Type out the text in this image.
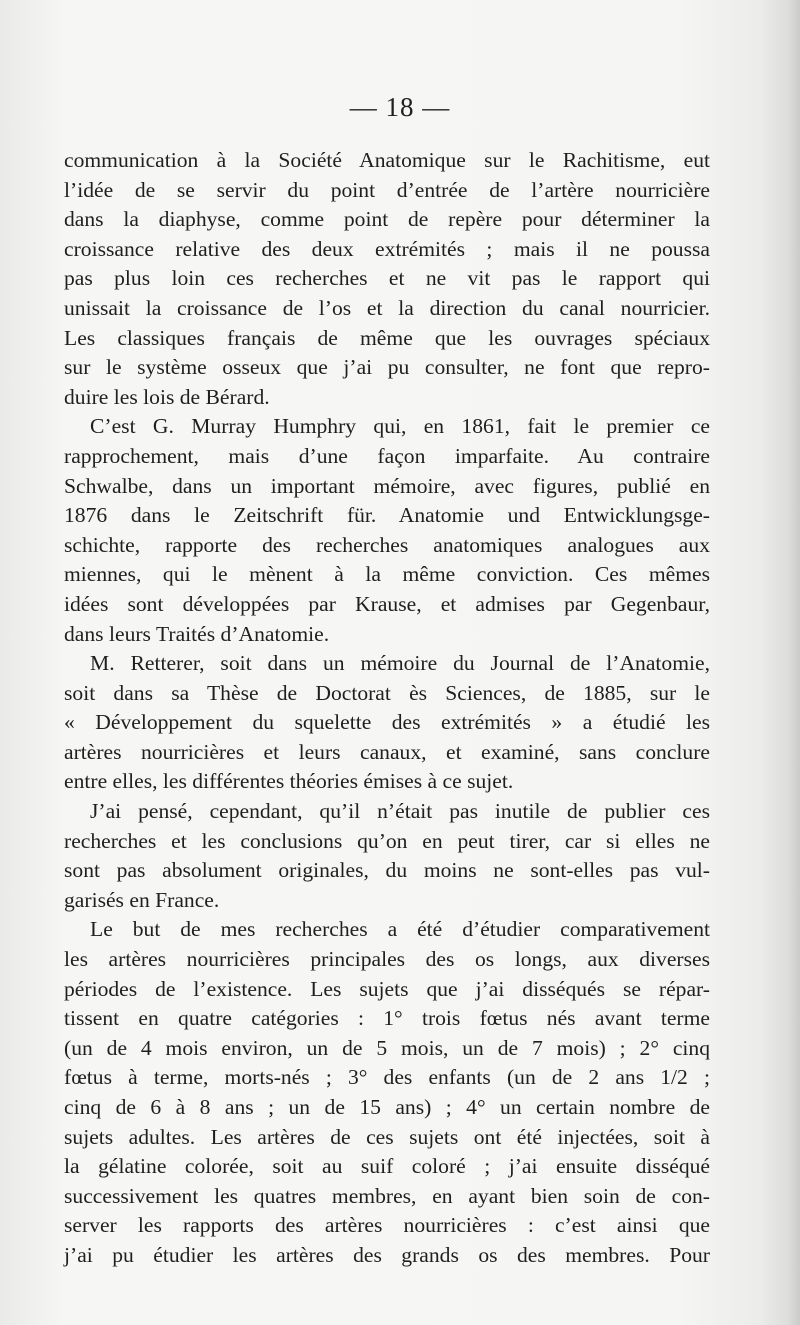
— 18 —
communication à la Société Anatomique sur le Rachitisme, eut
l’idée de se servir du point d’entrée de l’artère nourricière
dans la diaphyse, comme point de repère pour déterminer la
croissance relative des deux extrémités ; mais il ne poussa
pas plus loin ces recherches et ne vit pas le rapport qui
unissait la croissance de l’os et la direction du canal nourricier.
Les classiques français de même que les ouvrages spéciaux
sur le système osseux que j’ai pu consulter, ne font que repro-
duire les lois de Bérard.
C’est G. Murray Humphry qui, en 1861, fait le premier ce
rapprochement, mais d’une façon imparfaite. Au contraire
Schwalbe, dans un important mémoire, avec figures, publié en
1876 dans le Zeitschrift für. Anatomie und Entwicklungsge-
schichte, rapporte des recherches anatomiques analogues aux
miennes, qui le mènent à la même conviction. Ces mêmes
idées sont développées par Krause, et admises par Gegenbaur,
dans leurs Traités d’Anatomie.
M. Retterer, soit dans un mémoire du Journal de l’Anatomie,
soit dans sa Thèse de Doctorat ès Sciences, de 1885, sur le
« Développement du squelette des extrémités » a étudié les
artères nourricières et leurs canaux, et examiné, sans conclure
entre elles, les différentes théories émises à ce sujet.
J’ai pensé, cependant, qu’il n’était pas inutile de publier ces
recherches et les conclusions qu’on en peut tirer, car si elles ne
sont pas absolument originales, du moins ne sont-elles pas vul-
garisés en France.
Le but de mes recherches a été d’étudier comparativement
les artères nourricières principales des os longs, aux diverses
périodes de l’existence. Les sujets que j’ai disséqués se répar-
tissent en quatre catégories : 1° trois fœtus nés avant terme
(un de 4 mois environ, un de 5 mois, un de 7 mois) ; 2° cinq
fœtus à terme, morts-nés ; 3° des enfants (un de 2 ans 1/2 ;
cinq de 6 à 8 ans ; un de 15 ans) ; 4° un certain nombre de
sujets adultes. Les artères de ces sujets ont été injectées, soit à
la gélatine colorée, soit au suif coloré ; j’ai ensuite disséqué
successivement les quatres membres, en ayant bien soin de con-
server les rapports des artères nourricières : c’est ainsi que
j’ai pu étudier les artères des grands os des membres. Pour
